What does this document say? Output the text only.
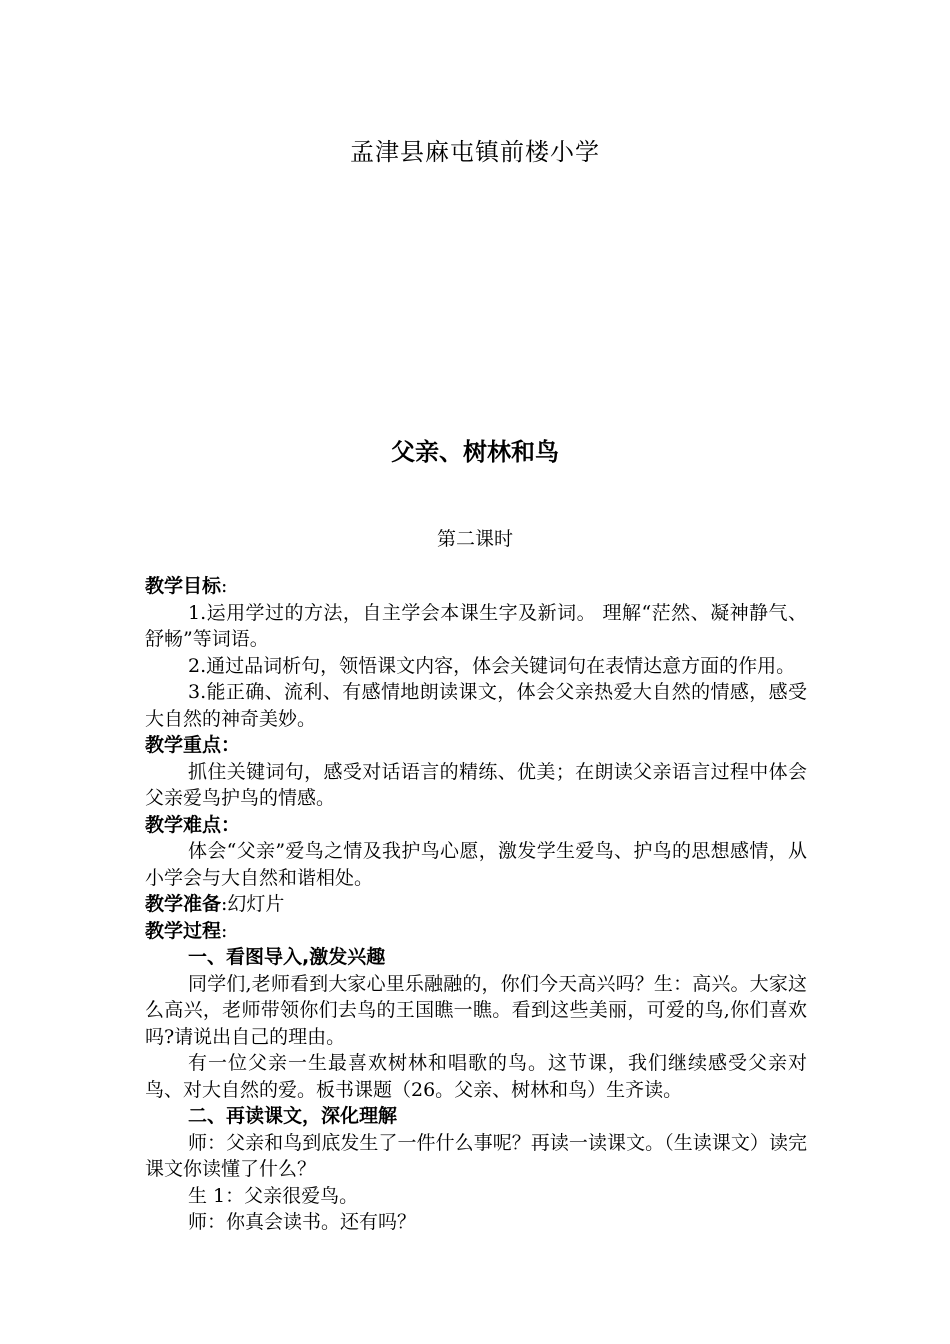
孟津县麻屯镇前楼小学
父亲、树林和鸟
第二课时

教学目标:

1.运用学过的方法，自主学会本课生字及新词。 理解“茫然、凝神静气、舒畅”等词语。

2.通过品词析句，领悟课文内容，体会关键词句在表情达意方面的作用。

3.能正确、流利、有感情地朗读课文，体会父亲热爱大自然的情感，感受大自然的神奇美妙。

教学重点：

抓住关键词句，感受对话语言的精练、优美；在朗读父亲语言过程中体会父亲爱鸟护鸟的情感。

教学难点：

体会“父亲”爱鸟之情及我护鸟心愿，激发学生爱鸟、护鸟的思想感情，从小学会与大自然和谐相处。

教学准备:幻灯片

教学过程:

一、看图导入,激发兴趣

同学们,老师看到大家心里乐融融的，你们今天高兴吗？生：高兴。大家这么高兴，老师带领你们去鸟的王国瞧一瞧。看到这些美丽，可爱的鸟,你们喜欢吗?请说出自己的理由。

有一位父亲一生最喜欢树林和唱歌的鸟。这节课，我们继续感受父亲对鸟、对大自然的爱。板书课题（26。父亲、树林和鸟）生齐读。

二、再读课文，深化理解

师：父亲和鸟到底发生了一件什么事呢？再读一读课文。（生读课文）读完课文你读懂了什么？

生 1：父亲很爱鸟。

师：你真会读书。还有吗？
